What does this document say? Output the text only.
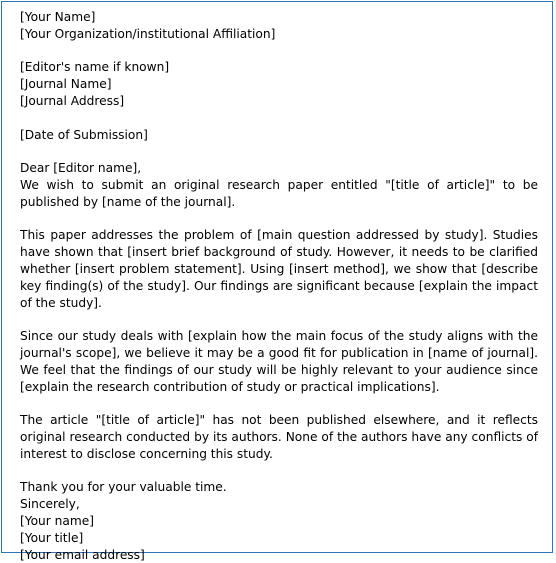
[Your Name]
[Your Organization/institutional Affiliation]
[Editor's name if known]
[Journal Name]
[Journal Address]
[Date of Submission]
Dear [Editor name],

We wish to submit an original research paper entitled "[title of article]" to be published by [name of the journal].

This paper addresses the problem of [main question addressed by study]. Studies have shown that [insert brief background of study. However, it needs to be clarified whether [insert problem statement]. Using [insert method], we show that [describe key finding(s) of the study]. Our findings are significant because [explain the impact of the study].

Since our study deals with [explain how the main focus of the study aligns with the journal's scope], we believe it may be a good fit for publication in [name of journal]. We feel that the findings of our study will be highly relevant to your audience since [explain the research contribution of study or practical implications].

The article "[title of article]" has not been published elsewhere, and it reflects original research conducted by its authors. None of the authors have any conflicts of interest to disclose concerning this study.

Thank you for your valuable time.
Sincerely,
[Your name]
[Your title]
[Your email address]
